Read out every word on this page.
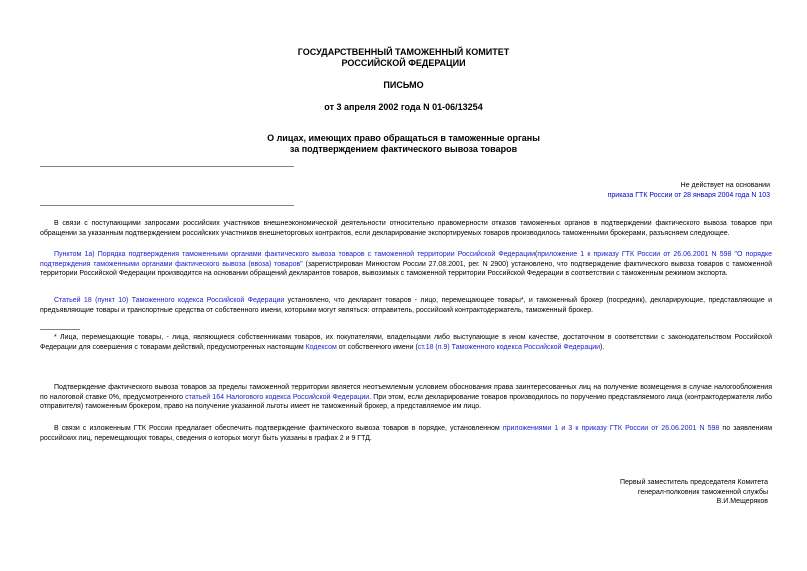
ГОСУДАРСТВЕННЫЙ ТАМОЖЕННЫЙ КОМИТЕТ
РОССИЙСКОЙ ФЕДЕРАЦИИ
ПИСЬМО
от 3 апреля 2002 года N 01-06/13254
О лицах, имеющих право обращаться в таможенные органы
за подтверждением фактического вывоза товаров
Не действует на основании
приказа ГТК России от 28 января 2004 года N 103
В связи с поступающими запросами российских участников внешнеэкономической деятельности относительно правомерности отказов таможенных органов в подтверждении фактического вывоза товаров при обращении за указанным подтверждением российских участников внешнеторговых контрактов, если декларирование экспортируемых товаров производилось таможенными брокерами, разъясняем следующее.
Пунктом 1а) Порядка подтверждения таможенными органами фактического вывоза товаров с таможенной территории Российской Федерации(приложение 1 к приказу ГТК России от 26.06.2001 N 598 "О порядке подтверждения таможенными органами фактического вывоза (ввоза) товаров" (зарегистрирован Минюстом России 27.08.2001, рег. N 2900) установлено, что подтверждение фактического вывоза товаров с таможенной территории Российской Федерации производится на основании обращений декларантов товаров, вывозимых с таможенной территории Российской Федерации в соответствии с таможенным режимом экспорта.
Статьей 18 (пункт 10) Таможенного кодекса Российской Федерации установлено, что декларант товаров - лицо, перемещающее товары*, и таможенный брокер (посредник), декларирующие, представляющие и предъявляющие товары и транспортные средства от собственного имени, которыми могут являться: отправитель, российский контрактодержатель, таможенный брокер.
* Лица, перемещающие товары, - лица, являющиеся собственниками товаров, их покупателями, владельцами либо выступающие в ином качестве, достаточном в соответствии с законодательством Российской Федерации для совершения с товарами действий, предусмотренных настоящим Кодексом от собственного имени (ст.18 (п.9) Таможенного кодекса Российской Федерации).
Подтверждение фактического вывоза товаров за пределы таможенной территории является неотъемлемым условием обоснования права заинтересованных лиц на получение возмещения в случае налогообложения по налоговой ставке 0%, предусмотренного статьей 164 Налогового кодекса Российской Федерации. При этом, если декларирование товаров производилось по поручению представляемого лица (контрактодержателя либо отправителя) таможенным брокером, право на получение указанной льготы имеет не таможенный брокер, а представляемое им лицо.
В связи с изложенным ГТК России предлагает обеспечить подтверждение фактического вывоза товаров в порядке, установленном приложениями 1 и 3 к приказу ГТК России от 26.06.2001 N 598 по заявлениям российских лиц, перемещающих товары, сведения о которых могут быть указаны в графах 2 и 9 ГТД.
Первый заместитель председателя Комитета
генерал-полковник таможенной службы
В.И.Мещеряков
